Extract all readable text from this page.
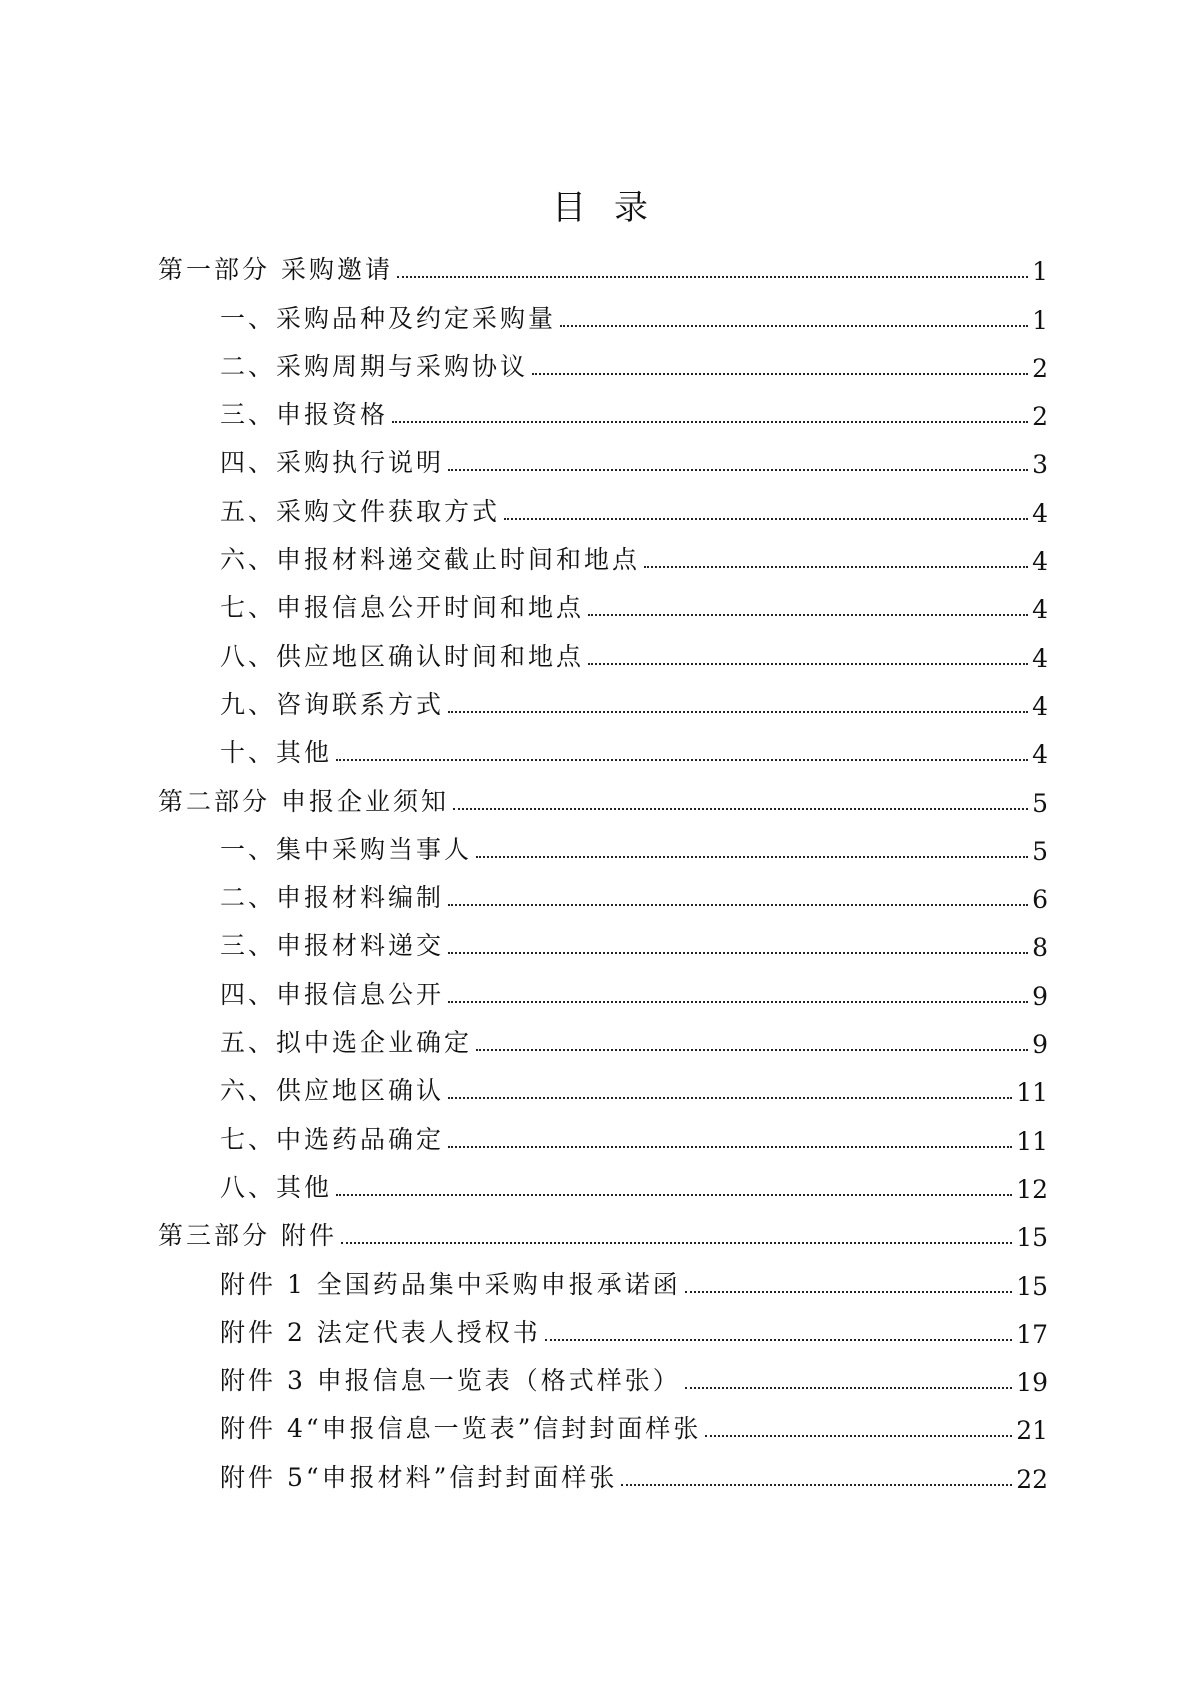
目录
第一部分 采购邀请	1
一、采购品种及约定采购量	1
二、采购周期与采购协议	2
三、申报资格	2
四、采购执行说明	3
五、采购文件获取方式	4
六、申报材料递交截止时间和地点	4
七、申报信息公开时间和地点	4
八、供应地区确认时间和地点	4
九、咨询联系方式	4
十、其他	4
第二部分 申报企业须知	5
一、集中采购当事人	5
二、申报材料编制	6
三、申报材料递交	8
四、申报信息公开	9
五、拟中选企业确定	9
六、供应地区确认	11
七、中选药品确定	11
八、其他	12
第三部分 附件	15
附件 1 全国药品集中采购申报承诺函	15
附件 2 法定代表人授权书	17
附件 3 申报信息一览表（格式样张）	19
附件 4“申报信息一览表”信封封面样张	21
附件 5“申报材料”信封封面样张	22
